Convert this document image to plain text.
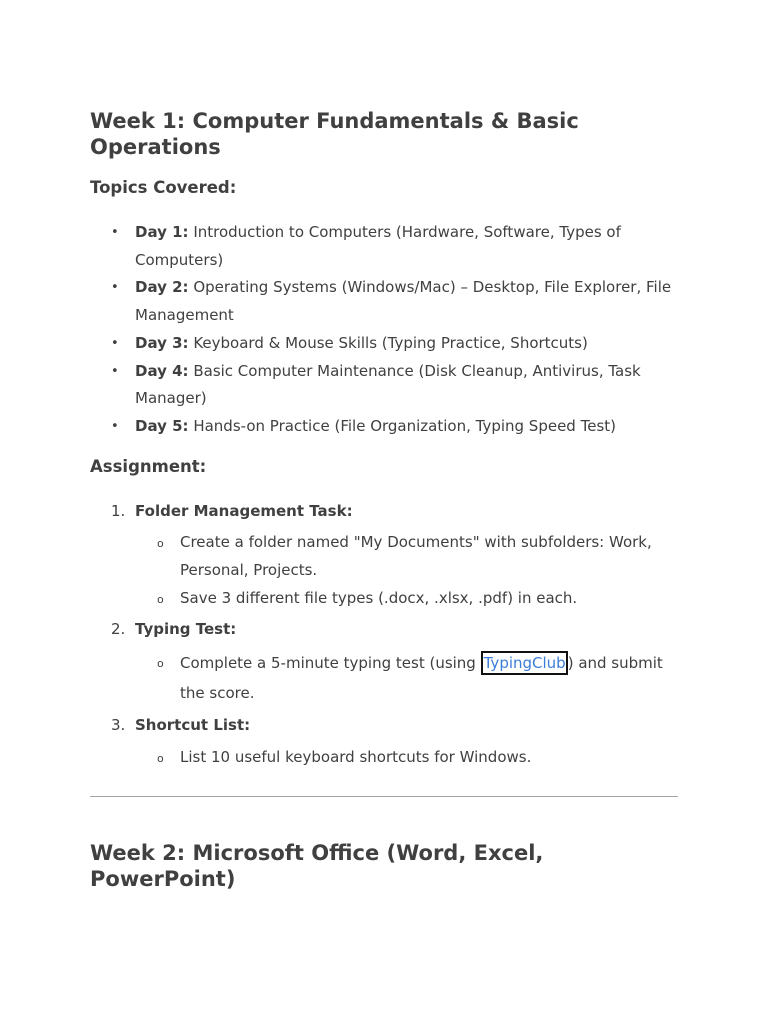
Week 1: Computer Fundamentals & Basic Operations
Topics Covered:
• Day 1: Introduction to Computers (Hardware, Software, Types of Computers)
• Day 2: Operating Systems (Windows/Mac) – Desktop, File Explorer, File Management
• Day 3: Keyboard & Mouse Skills (Typing Practice, Shortcuts)
• Day 4: Basic Computer Maintenance (Disk Cleanup, Antivirus, Task Manager)
• Day 5: Hands-on Practice (File Organization, Typing Speed Test)
Assignment:
1. Folder Management Task:
o Create a folder named "My Documents" with subfolders: Work, Personal, Projects.
o Save 3 different file types (.docx, .xlsx, .pdf) in each.
2. Typing Test:
o Complete a 5-minute typing test (using TypingClub ) and submit the score.
3. Shortcut List:
o List 10 useful keyboard shortcuts for Windows.
Week 2: Microsoft Office (Word, Excel, PowerPoint)
